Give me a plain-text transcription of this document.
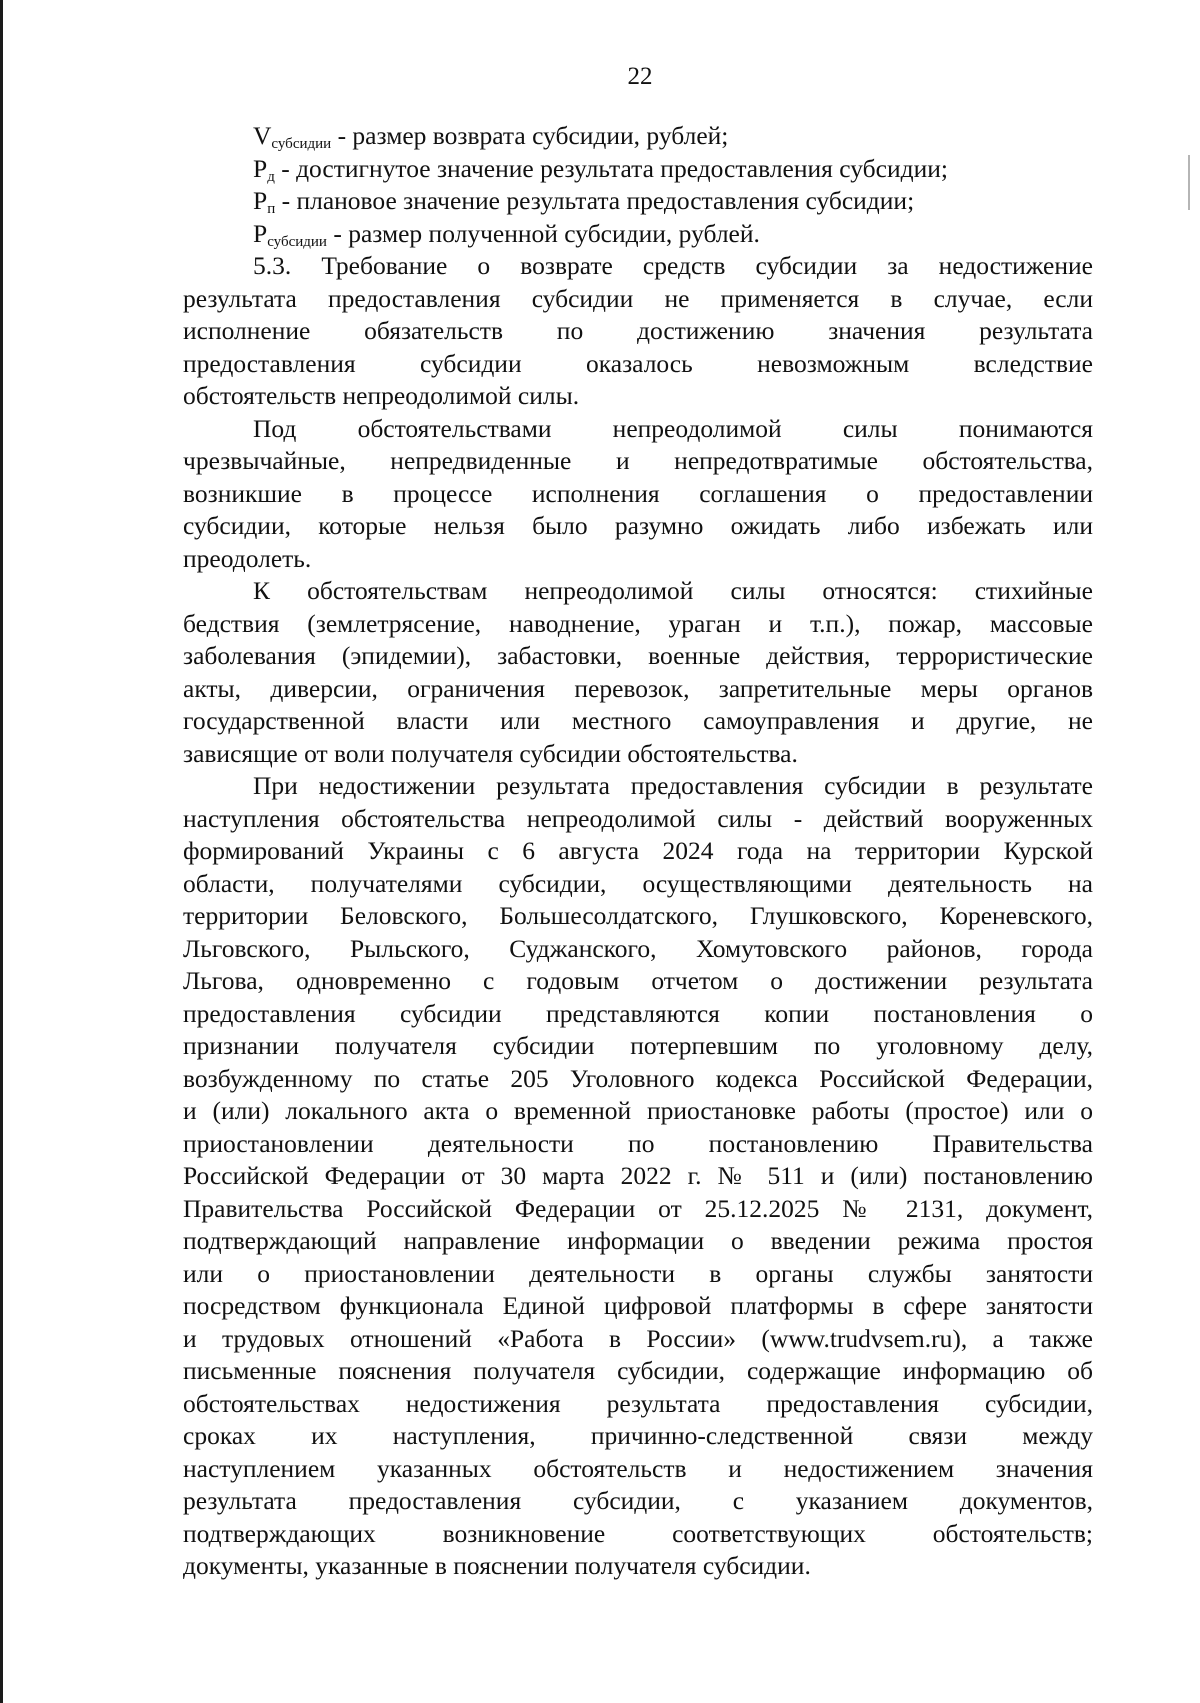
22

$V_{субсидии}$ - размер возврата субсидии, рублей;

$P_д$ - достигнутое значение результата предоставления субсидии;

$P_п$ - плановое значение результата предоставления субсидии;

$P_{субсидии}$ - размер полученной субсидии, рублей.

5.3. Требование о возврате средств субсидии за недостижение
результата предоставления субсидии не применяется в случае, если
исполнение обязательств по достижению значения результата
предоставления субсидии оказалось невозможным вследствие
обстоятельств непреодолимой силы.
Под обстоятельствами непреодолимой силы понимаются
чрезвычайные, непредвиденные и непредотвратимые обстоятельства,
возникшие в процессе исполнения соглашения о предоставлении
субсидии, которые нельзя было разумно ожидать либо избежать или
преодолеть.
К обстоятельствам непреодолимой силы относятся: стихийные
бедствия (землетрясение, наводнение, ураган и т.п.), пожар, массовые
заболевания (эпидемии), забастовки, военные действия, террористические
акты, диверсии, ограничения перевозок, запретительные меры органов
государственной власти или местного самоуправления и другие, не
зависящие от воли получателя субсидии обстоятельства.
При недостижении результата предоставления субсидии в результате
наступления обстоятельства непреодолимой силы - действий вооруженных
формирований Украины с 6 августа 2024 года на территории Курской
области, получателями субсидии, осуществляющими деятельность на
территории Беловского, Большесолдатского, Глушковского, Кореневского,
Льговского, Рыльского, Суджанского, Хомутовского районов, города
Льгова, одновременно с годовым отчетом о достижении результата
предоставления субсидии представляются копии постановления о
признании получателя субсидии потерпевшим по уголовному делу,
возбужденному по статье 205 Уголовного кодекса Российской Федерации,
и (или) локального акта о временной приостановке работы (простое) или о
приостановлении деятельности по постановлению Правительства
Российской Федерации от 30 марта 2022 г. № 511 и (или) постановлению
Правительства Российской Федерации от 25.12.2025 № 2131, документ,
подтверждающий направление информации о введении режима простоя
или о приостановлении деятельности в органы службы занятости
посредством функционала Единой цифровой платформы в сфере занятости
и трудовых отношений «Работа в России» (www.trudvsem.ru), а также
письменные пояснения получателя субсидии, содержащие информацию об
обстоятельствах недостижения результата предоставления субсидии,
сроках их наступления, причинно-следственной связи между
наступлением указанных обстоятельств и недостижением значения
результата предоставления субсидии, с указанием документов,
подтверждающих возникновение соответствующих обстоятельств;
документы, указанные в пояснении получателя субсидии.
